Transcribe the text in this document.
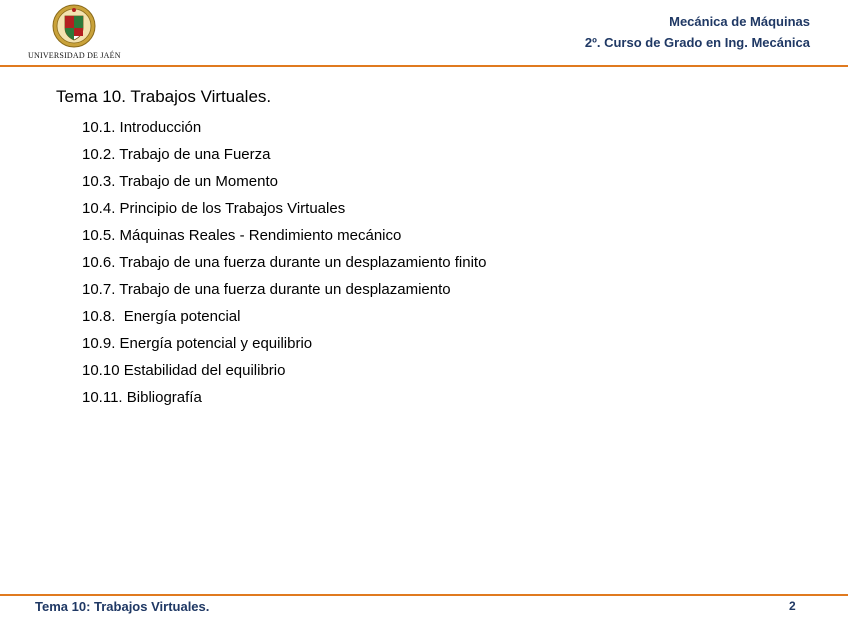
UNIVERSIDAD DE JAÉN
Mecánica de Máquinas
2º. Curso de Grado en Ing. Mecánica
Tema 10. Trabajos Virtuales.
10.1. Introducción
10.2. Trabajo de una Fuerza
10.3. Trabajo de un Momento
10.4. Principio de los Trabajos Virtuales
10.5. Máquinas Reales - Rendimiento mecánico
10.6. Trabajo de una fuerza durante un desplazamiento finito
10.7. Trabajo de una fuerza durante un desplazamiento
10.8.  Energía potencial
10.9. Energía potencial y equilibrio
10.10 Estabilidad del equilibrio
10.11. Bibliografía
Tema 10: Trabajos Virtuales.	2
